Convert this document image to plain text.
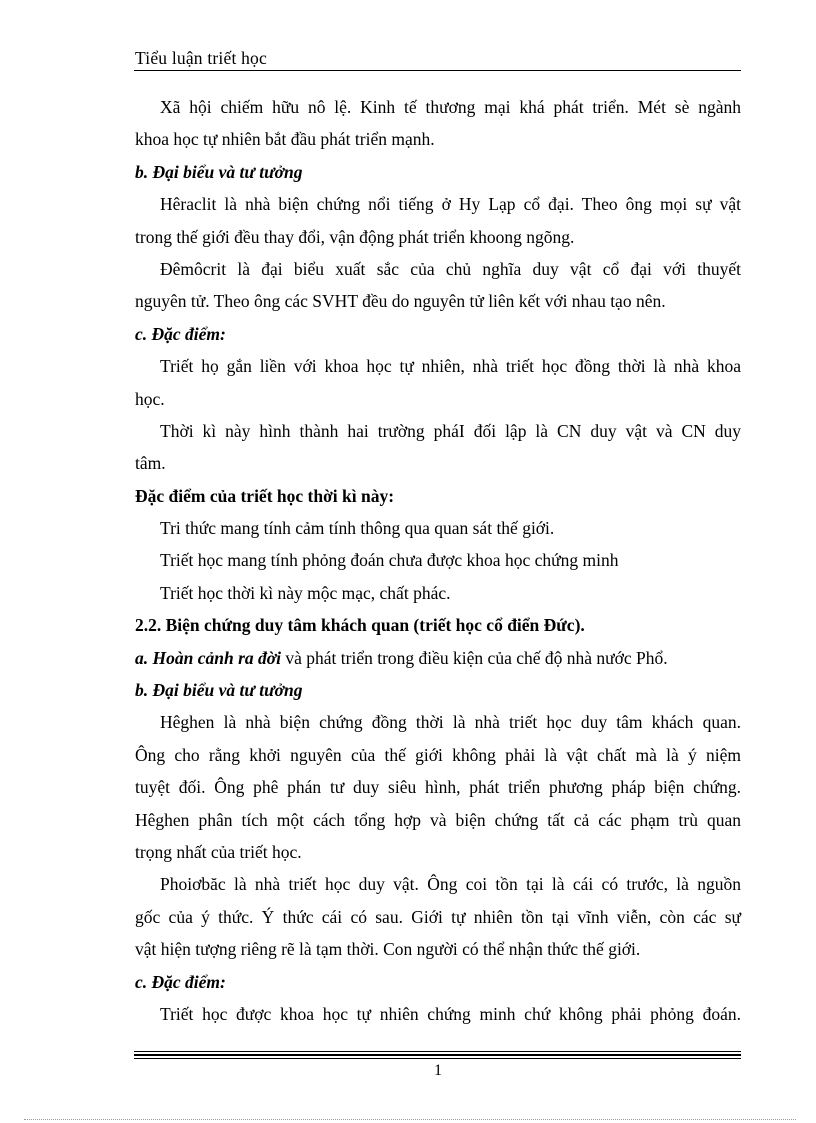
Tiểu luận triết học
Xã hội chiếm hữu nô lệ. Kinh tế thương mại khá phát triển. Mét sè ngành
khoa học tự nhiên bắt đầu phát triển mạnh.
b. Đại biểu và tư tưởng
Hêraclit là nhà biện chứng nổi tiếng ở Hy Lạp cổ đại. Theo ông mọi sự vật
trong thế giới đều thay đổi, vận động phát triển khoong ngõng.
Đêmôcrit là đại biểu xuất sắc của chủ nghĩa duy vật cổ đại với thuyết
nguyên tử. Theo ông các SVHT đều do nguyên tử liên kết với nhau tạo nên.
c. Đặc điểm:
Triết họ gắn liền với khoa học tự nhiên, nhà triết học đồng thời là nhà khoa
học.
Thời kì này hình thành hai trường pháI đối lập là CN duy vật và CN duy
tâm.
Đặc điểm của triết học thời kì này:
Tri thức mang tính cảm tính thông qua quan sát thế giới.
Triết học mang tính phỏng đoán chưa được khoa học chứng minh
Triết học thời kì này mộc mạc, chất phác.
2.2. Biện chứng duy tâm khách quan (triết học cổ điển Đức).
a. Hoàn cảnh ra đời và phát triển trong điều kiện của chế độ nhà nước Phổ.
b. Đại biểu và tư tưởng
Hêghen là nhà biện chứng đồng thời là nhà triết học duy tâm khách quan.
Ông cho rằng khởi nguyên của thế giới không phải là vật chất mà là ý niệm
tuyệt đối. Ông phê phán tư duy siêu hình, phát triển phương pháp biện chứng.
Hêghen phân tích một cách tổng hợp và biện chứng tất cả các phạm trù quan
trọng nhất của triết học.
Phoiơbăc là nhà triết học duy vật. Ông coi tồn tại là cái có trước, là nguồn
gốc của ý thức. Ý thức cái có sau. Giới tự nhiên tồn tại vĩnh viễn, còn các sự
vật hiện tượng riêng rẽ là tạm thời. Con người có thể nhận thức thế giới.
c. Đặc điểm:
Triết học được khoa học tự nhiên chứng minh chứ không phải phỏng đoán.
1
